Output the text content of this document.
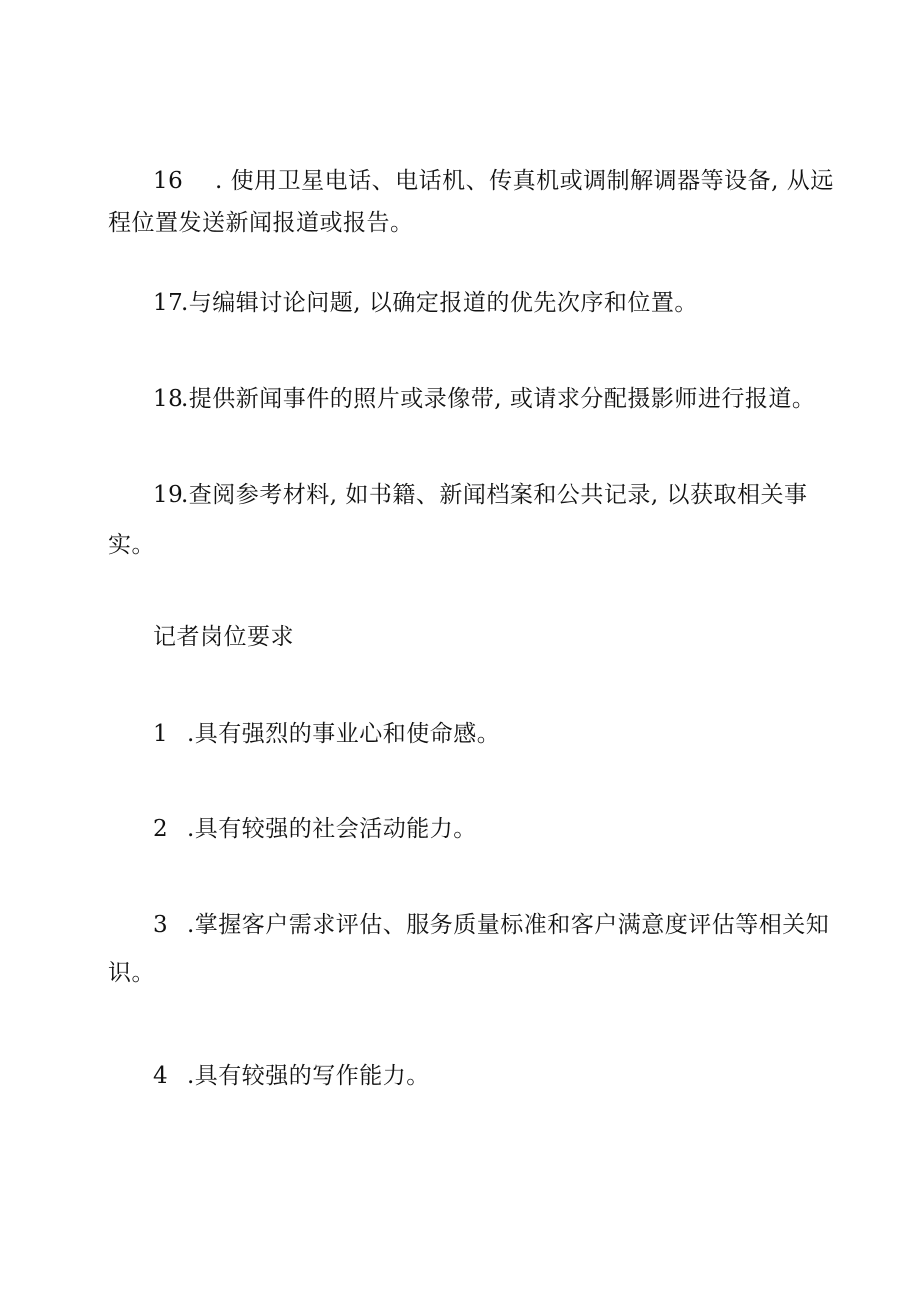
16 . 使用卫星电话、电话机、传真机或调制解调器等设备, 从远
程位置发送新闻报道或报告。

17.与编辑讨论问题, 以确定报道的优先次序和位置。

18.提供新闻事件的照片或录像带, 或请求分配摄影师进行报道。

19.查阅参考材料, 如书籍、新闻档案和公共记录, 以获取相关事
实。

记者岗位要求

1 .具有强烈的事业心和使命感。

2 .具有较强的社会活动能力。

3 .掌握客户需求评估、服务质量标准和客户满意度评估等相关知
识。

4 .具有较强的写作能力。
